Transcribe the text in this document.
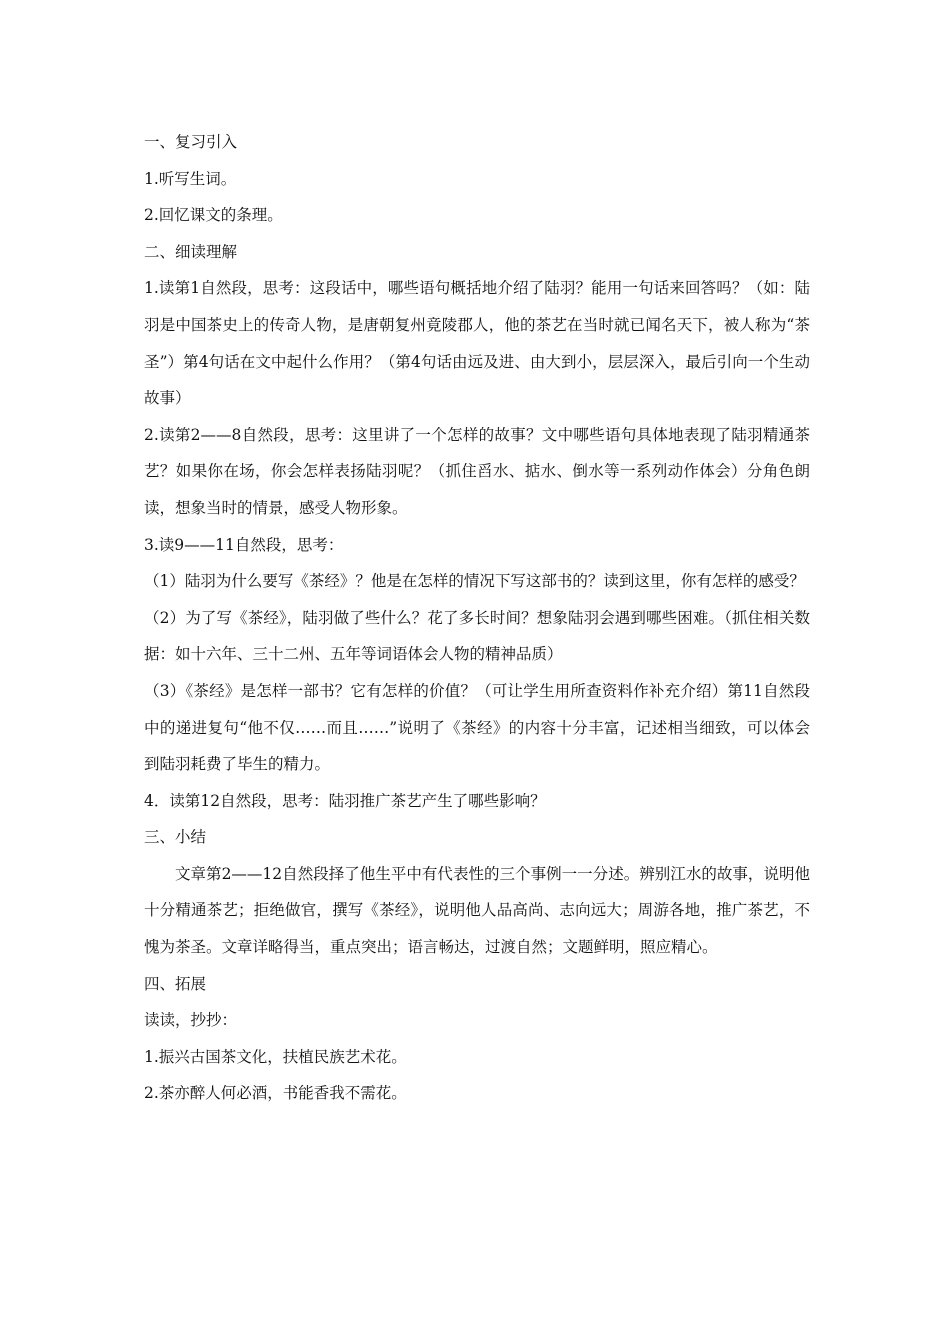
一、复习引入
1.听写生词。
2.回忆课文的条理。
二、细读理解
1.读第1自然段，思考：这段话中，哪些语句概括地介绍了陆羽？能用一句话来回答吗？（如：陆羽是中国茶史上的传奇人物，是唐朝复州竟陵郡人，他的茶艺在当时就已闻名天下，被人称为“茶圣”）第4句话在文中起什么作用？（第4句话由远及进、由大到小，层层深入，最后引向一个生动故事）
2.读第2——8自然段，思考：这里讲了一个怎样的故事？文中哪些语句具体地表现了陆羽精通茶艺？如果你在场，你会怎样表扬陆羽呢？（抓住舀水、掂水、倒水等一系列动作体会）分角色朗读，想象当时的情景，感受人物形象。
3.读9——11自然段，思考：
（1）陆羽为什么要写《茶经》？他是在怎样的情况下写这部书的？读到这里，你有怎样的感受？
（2）为了写《茶经》，陆羽做了些什么？花了多长时间？想象陆羽会遇到哪些困难。（抓住相关数据：如十六年、三十二州、五年等词语体会人物的精神品质）
（3）《茶经》是怎样一部书？它有怎样的价值？（可让学生用所查资料作补充介绍）第11自然段中的递进复句“他不仅……而且……”说明了《茶经》的内容十分丰富，记述相当细致，可以体会到陆羽耗费了毕生的精力。
4．读第12自然段，思考：陆羽推广茶艺产生了哪些影响？
三、小结
文章第2——12自然段择了他生平中有代表性的三个事例一一分述。辨别江水的故事，说明他十分精通茶艺；拒绝做官，撰写《茶经》，说明他人品高尚、志向远大；周游各地，推广茶艺，不愧为茶圣。文章详略得当，重点突出；语言畅达，过渡自然；文题鲜明，照应精心。
四、拓展
读读，抄抄：
1.振兴古国茶文化，扶植民族艺术花。
2.茶亦醉人何必酒，书能香我不需花。
